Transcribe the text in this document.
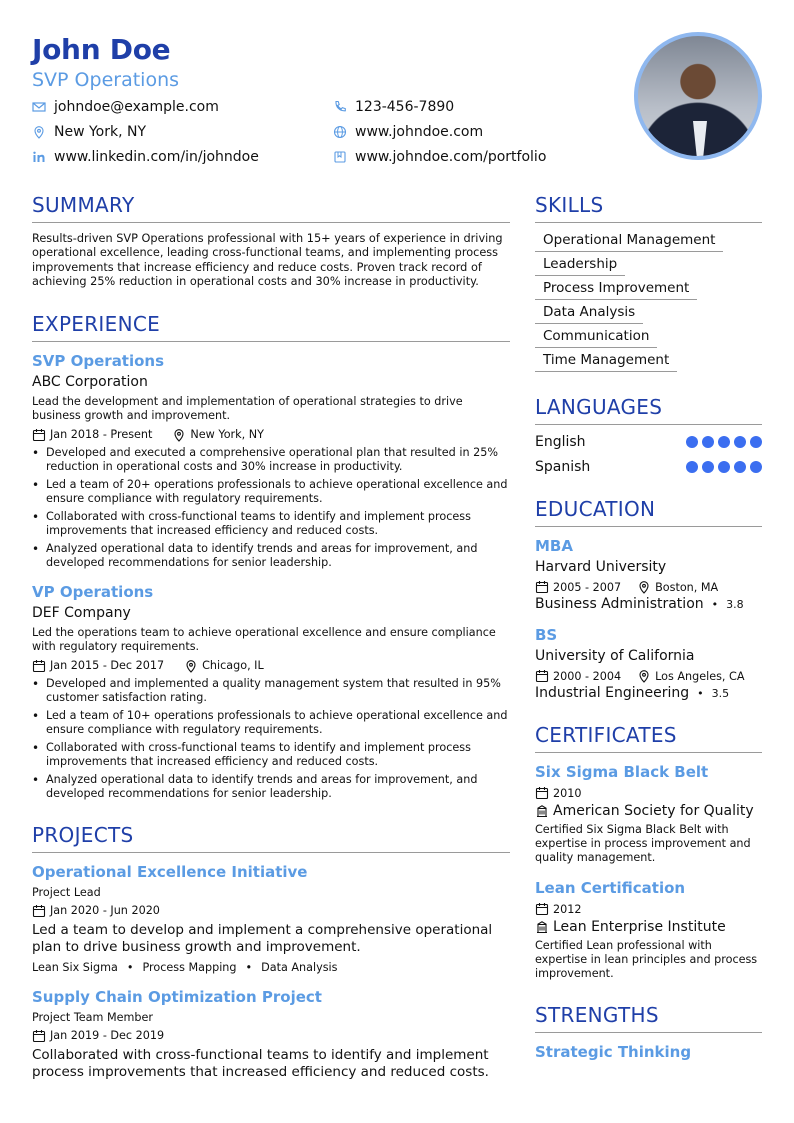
John Doe
SVP Operations
johndoe@example.com	123-456-7890
New York, NY	www.johndoe.com
www.linkedin.com/in/johndoe	www.johndoe.com/portfolio
SUMMARY
Results-driven SVP Operations professional with 15+ years of experience in driving operational excellence, leading cross-functional teams, and implementing process improvements that increase efficiency and reduce costs. Proven track record of achieving 25% reduction in operational costs and 30% increase in productivity.
EXPERIENCE
SVP Operations
ABC Corporation
Lead the development and implementation of operational strategies to drive business growth and improvement.
Jan 2018 - Present	New York, NY
• Developed and executed a comprehensive operational plan that resulted in 25% reduction in operational costs and 30% increase in productivity.
• Led a team of 20+ operations professionals to achieve operational excellence and ensure compliance with regulatory requirements.
• Collaborated with cross-functional teams to identify and implement process improvements that increased efficiency and reduced costs.
• Analyzed operational data to identify trends and areas for improvement, and developed recommendations for senior leadership.
VP Operations
DEF Company
Led the operations team to achieve operational excellence and ensure compliance with regulatory requirements.
Jan 2015 - Dec 2017	Chicago, IL
• Developed and implemented a quality management system that resulted in 95% customer satisfaction rating.
• Led a team of 10+ operations professionals to achieve operational excellence and ensure compliance with regulatory requirements.
• Collaborated with cross-functional teams to identify and implement process improvements that increased efficiency and reduced costs.
• Analyzed operational data to identify trends and areas for improvement, and developed recommendations for senior leadership.
PROJECTS
Operational Excellence Initiative
Project Lead
Jan 2020 - Jun 2020
Led a team to develop and implement a comprehensive operational plan to drive business growth and improvement.
Lean Six Sigma • Process Mapping • Data Analysis
Supply Chain Optimization Project
Project Team Member
Jan 2019 - Dec 2019
Collaborated with cross-functional teams to identify and implement process improvements that increased efficiency and reduced costs.
SKILLS
Operational Management
Leadership
Process Improvement
Data Analysis
Communication
Time Management
LANGUAGES
English
Spanish
EDUCATION
MBA
Harvard University
2005 - 2007	Boston, MA
Business Administration • 3.8
BS
University of California
2000 - 2004	Los Angeles, CA
Industrial Engineering • 3.5
CERTIFICATES
Six Sigma Black Belt
2010
American Society for Quality
Certified Six Sigma Black Belt with expertise in process improvement and quality management.
Lean Certification
2012
Lean Enterprise Institute
Certified Lean professional with expertise in lean principles and process improvement.
STRENGTHS
Strategic Thinking
